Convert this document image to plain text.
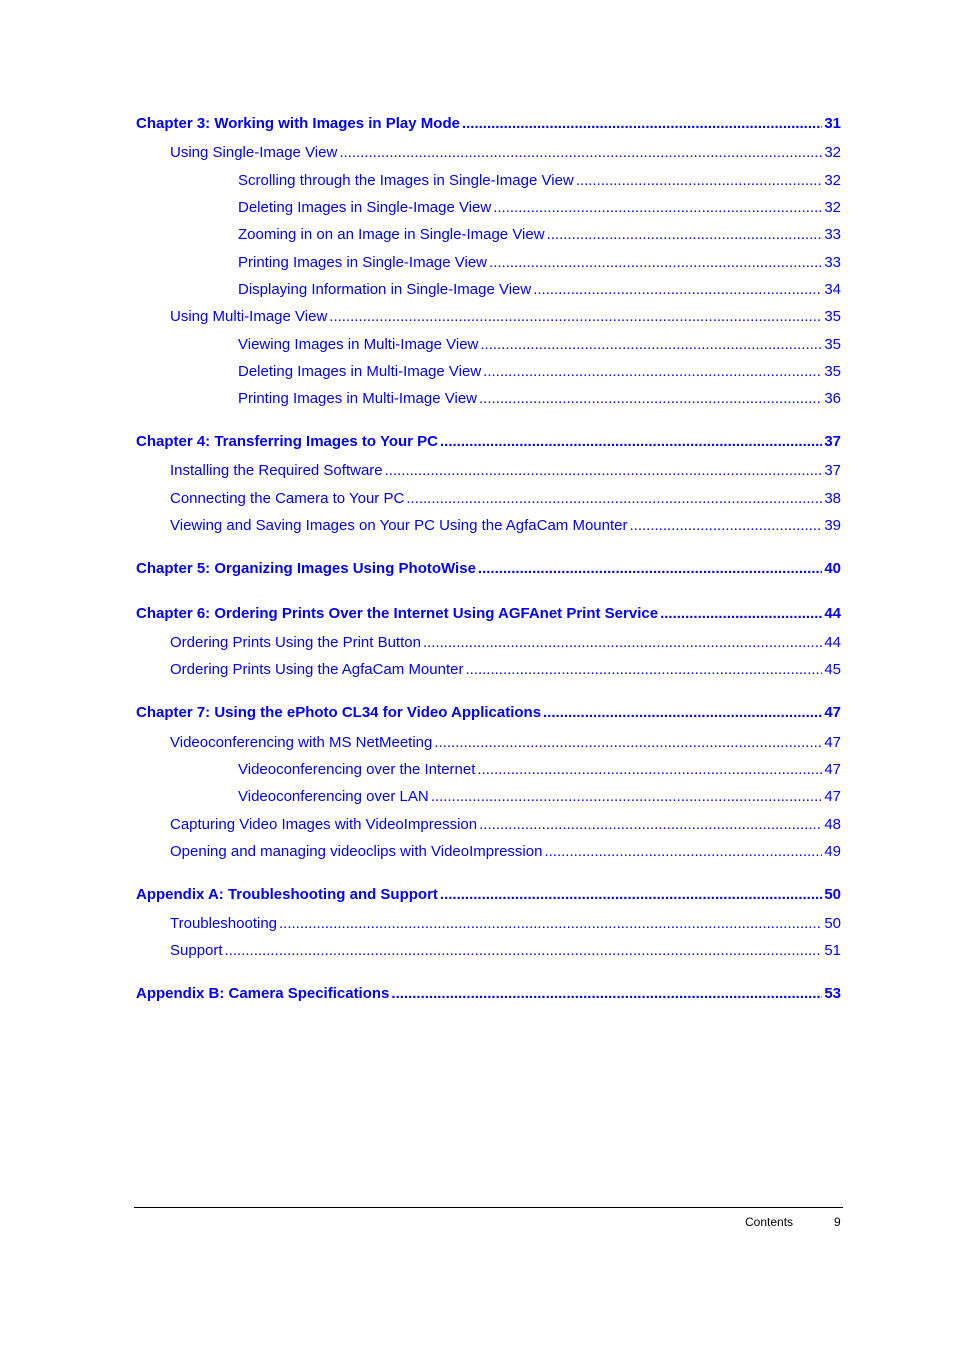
Chapter 3: Working with Images in Play Mode .....	31
Using Single-Image View .....	32
Scrolling through the Images in Single-Image View .....	32
Deleting Images in Single-Image View .....	32
Zooming in on an Image in Single-Image View .....	33
Printing Images in Single-Image View .....	33
Displaying Information in Single-Image View .....	34
Using Multi-Image View .....	35
Viewing Images in Multi-Image View .....	35
Deleting Images in Multi-Image View .....	35
Printing Images in Multi-Image View .....	36
Chapter 4: Transferring Images to Your PC .....	37
Installing the Required Software .....	37
Connecting the Camera to Your PC .....	38
Viewing and Saving Images on Your PC Using the AgfaCam Mounter .....	39
Chapter 5: Organizing Images Using PhotoWise .....	40
Chapter 6: Ordering Prints Over the Internet Using AGFAnet Print Service .....	44
Ordering Prints Using the Print Button .....	44
Ordering Prints Using the AgfaCam Mounter .....	45
Chapter 7: Using the ePhoto CL34 for Video Applications .....	47
Videoconferencing with MS NetMeeting .....	47
Videoconferencing over the Internet .....	47
Videoconferencing over LAN .....	47
Capturing Video Images with VideoImpression .....	48
Opening and managing videoclips with VideoImpression .....	49
Appendix A: Troubleshooting and Support .....	50
Troubleshooting .....	50
Support .....	51
Appendix B: Camera Specifications .....	53
Contents	9
